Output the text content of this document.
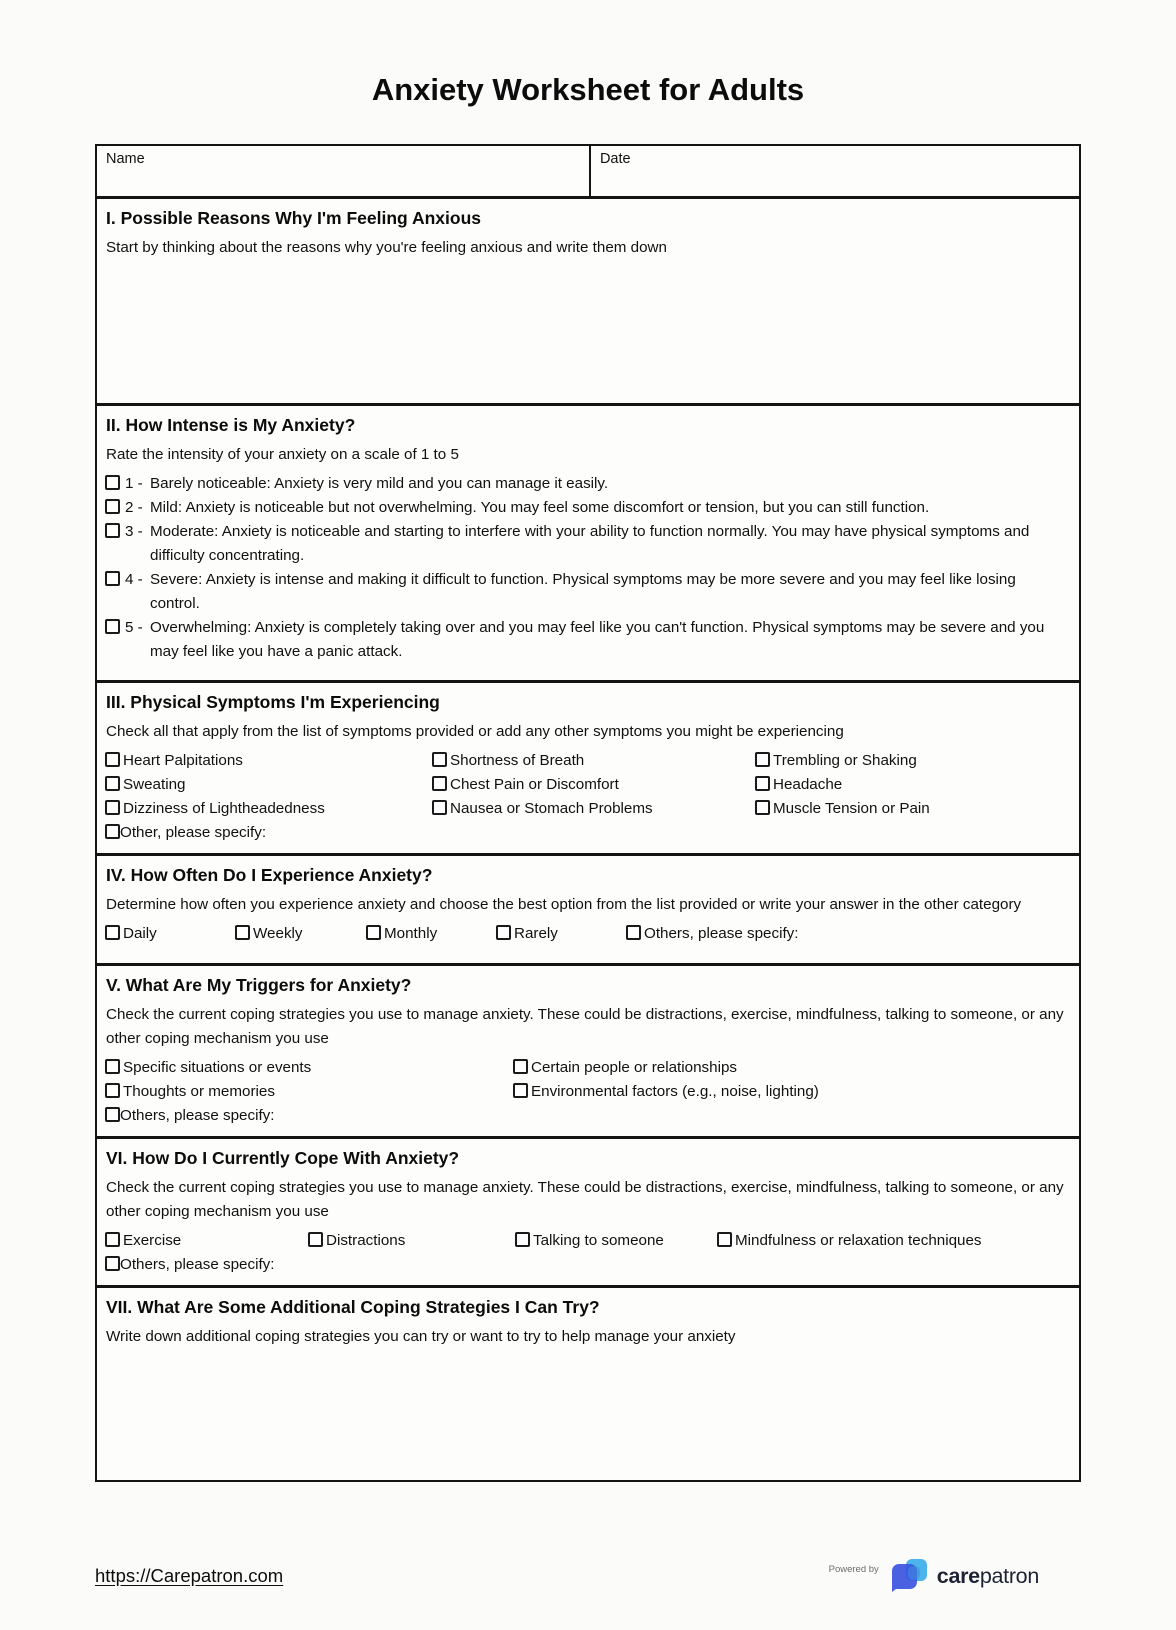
Anxiety Worksheet for Adults
Name	Date
I. Possible Reasons Why I'm Feeling Anxious

Start by thinking about the reasons why you're feeling anxious and write them down

II. How Intense is My Anxiety?

Rate the intensity of your anxiety on a scale of 1 to 5

1 - Barely noticeable: Anxiety is very mild and you can manage it easily.
2 - Mild: Anxiety is noticeable but not overwhelming. You may feel some discomfort or tension, but you can still function.
3 - Moderate: Anxiety is noticeable and starting to interfere with your ability to function normally. You may have physical symptoms and difficulty concentrating.
4 - Severe: Anxiety is intense and making it difficult to function. Physical symptoms may be more severe and you may feel like losing control.
5 - Overwhelming: Anxiety is completely taking over and you may feel like you can't function. Physical symptoms may be severe and you may feel like you have a panic attack.
III. Physical Symptoms I'm Experiencing

Check all that apply from the list of symptoms provided or add any other symptoms you might be experiencing

Heart Palpitations	Shortness of Breath	Trembling or Shaking
Sweating	Chest Pain or Discomfort	Headache
Dizziness of Lightheadedness	Nausea or Stomach Problems	Muscle Tension or Pain
Other, please specify:
IV. How Often Do I Experience Anxiety?

Determine how often you experience anxiety and choose the best option from the list provided or write your answer in the other category

Daily	Weekly	Monthly	Rarely	Others, please specify:
V. What Are My Triggers for Anxiety?

Check the current coping strategies you use to manage anxiety. These could be distractions, exercise, mindfulness, talking to someone, or any other coping mechanism you use

Specific situations or events	Certain people or relationships
Thoughts or memories	Environmental factors (e.g., noise, lighting)
Others, please specify:
VI. How Do I Currently Cope With Anxiety?

Check the current coping strategies you use to manage anxiety. These could be distractions, exercise, mindfulness, talking to someone, or any other coping mechanism you use

Exercise	Distractions	Talking to someone	Mindfulness or relaxation techniques
Others, please specify:
VII. What Are Some Additional Coping Strategies I Can Try?

Write down additional coping strategies you can try or want to try to help manage your anxiety

https://Carepatron.com	Powered by	carepatron
